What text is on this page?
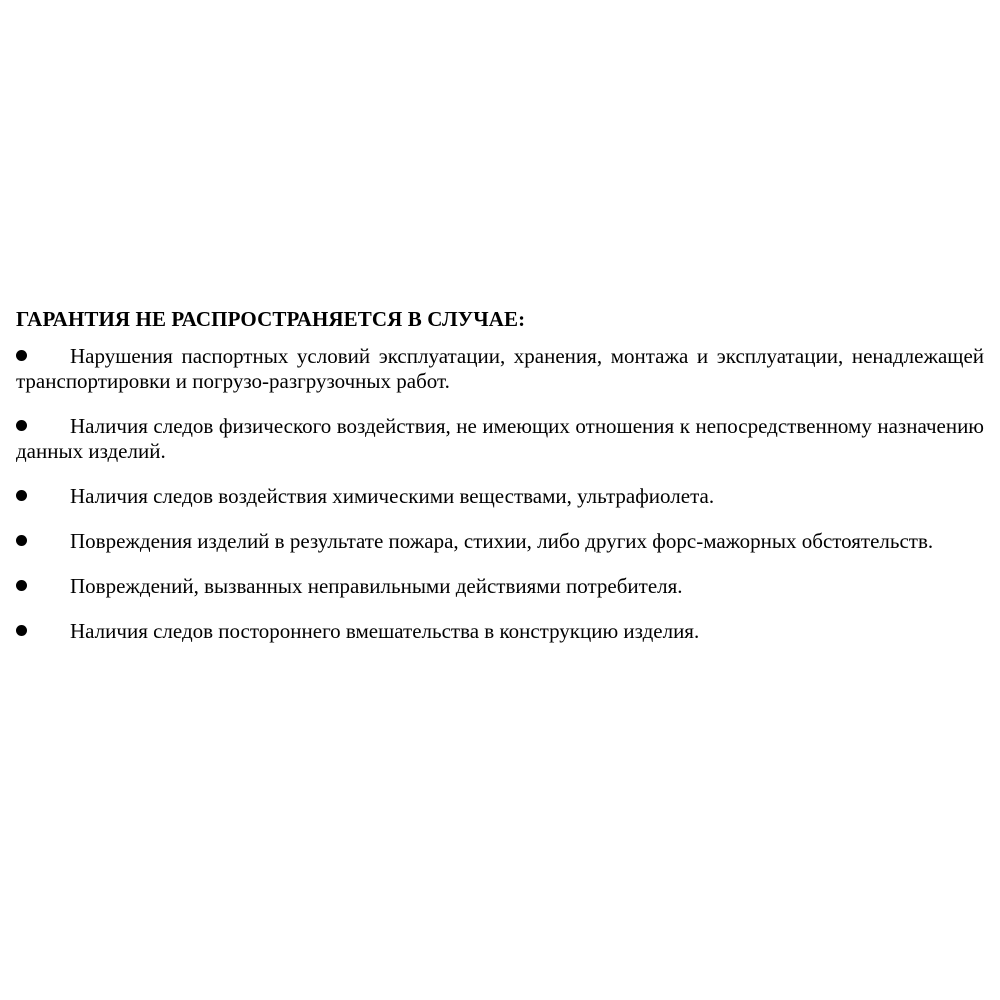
ГАРАНТИЯ НЕ РАСПРОСТРАНЯЕТСЯ В СЛУЧАЕ:
Нарушения паспортных условий эксплуатации, хранения, монтажа и эксплуатации, ненадлежащей транспортировки и погрузо-разгрузочных работ.
Наличия следов физического воздействия, не имеющих отношения к непосредственному назначению данных изделий.
Наличия следов воздействия химическими веществами, ультрафиолета.
Повреждения изделий в результате пожара, стихии, либо других форс-мажорных обстоятельств.
Повреждений, вызванных неправильными действиями потребителя.
Наличия следов постороннего вмешательства в конструкцию изделия.
